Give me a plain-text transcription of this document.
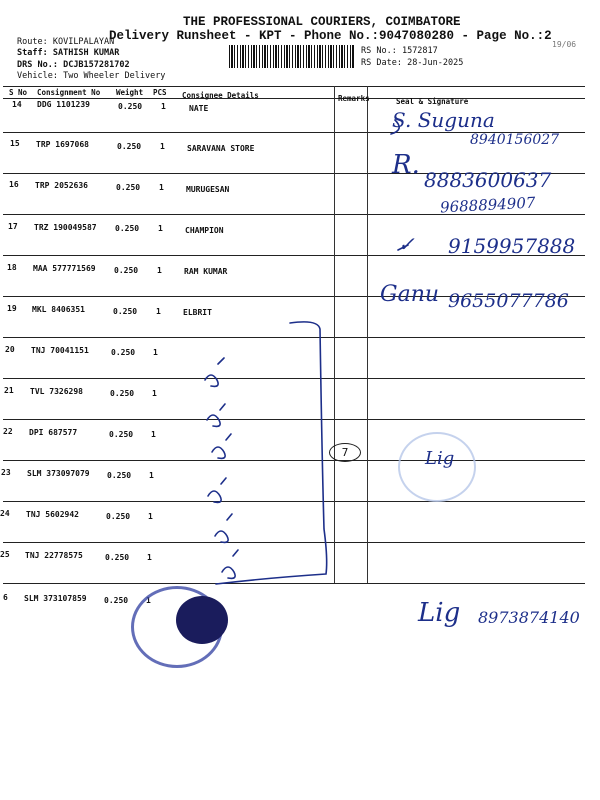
THE PROFESSIONAL COURIERS, COIMBATORE
Delivery Runsheet - KPT - Phone No.:9047080280 - Page No.:2
Route: KOVILPALAYAN
Staff: SATHISH KUMAR
DRS No.: DCJB157281702
Vehicle: Two Wheeler Delivery
RS No.: 1572817
RS Date: 28-Jun-2025
19/06
S No Consignment No Weight PCS Consignee Details	Remarks	Seal & Signature
14 DDG 1101239	0.250 1	NATE
15 TRP 1697068	0.250 1	SARAVANA STORE
16 TRP 2052636	0.250 1	MURUGESAN
17 TRZ 190049587 0.250 1	CHAMPION
18 MAA 577771569 0.250 1	RAM KUMAR
19 MKL 8406351	0.250 1	ELBRIT
20 TNJ 70041151	0.250 1
21 TVL 7326298	0.250 1
22 DPI 687577	0.250 1
23 SLM 373097079 0.250 1
24 TNJ 5602942	0.250 1
25 TNJ 22778575	0.250 1
6 SLM 373107859 0.250 1
S. Suguna
8940156027
R. 8883600637
9688894907
9159957888
✓
9655077786
Ganu
8973874140
Lig
Lig
7
